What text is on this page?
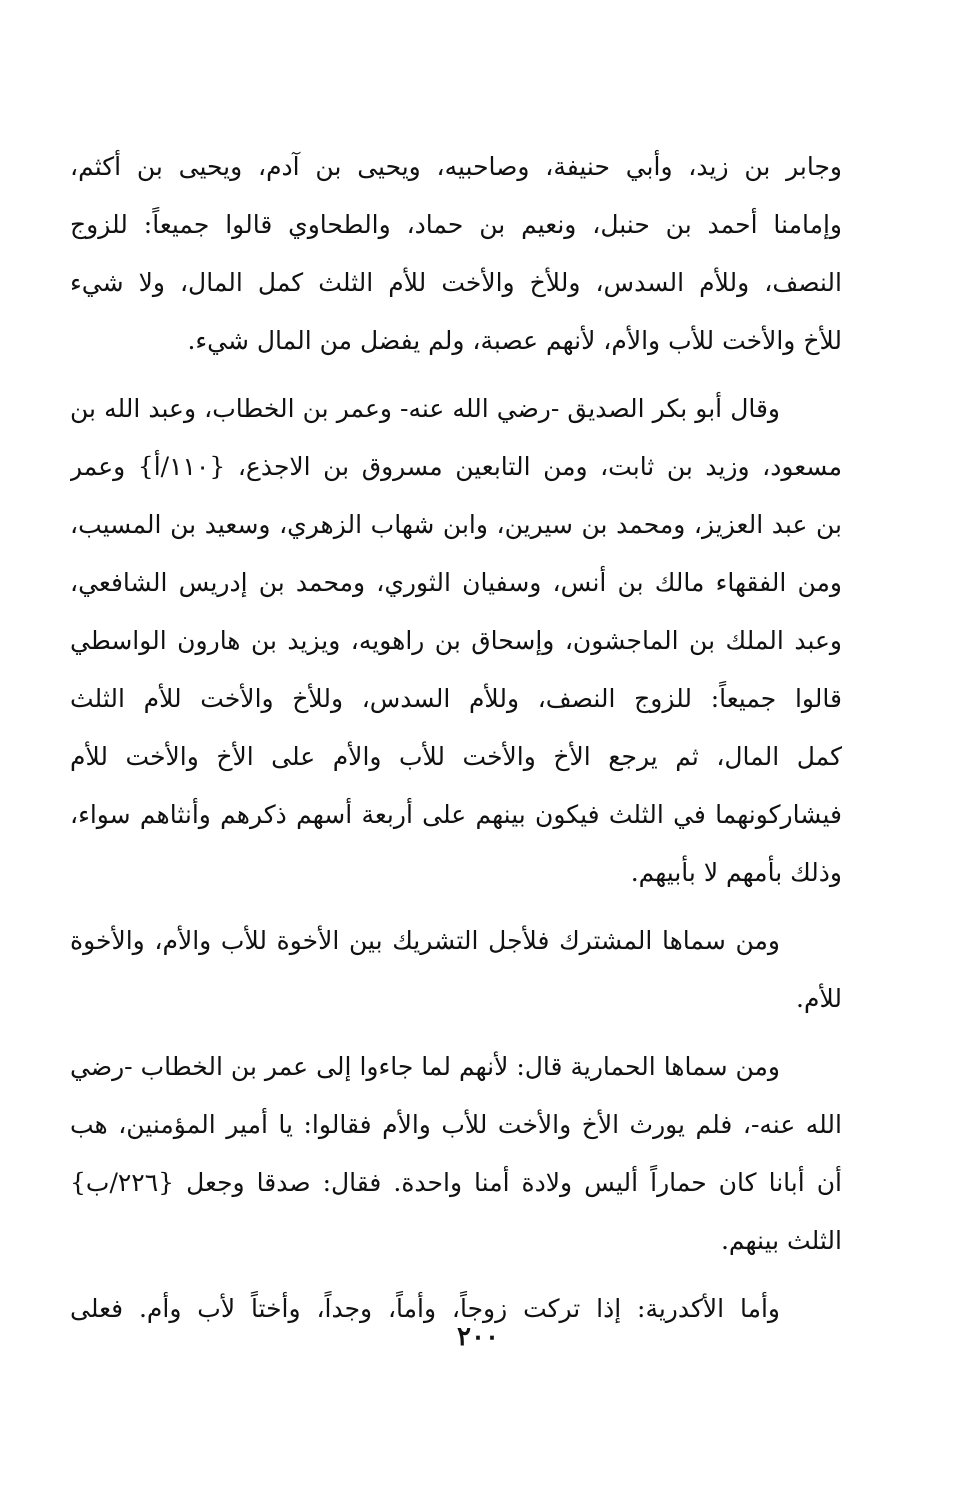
وجابر بن زيد، وأبي حنيفة، وصاحبيه، ويحيى بن آدم، ويحيى بن أكثم،
وإمامنا أحمد بن حنبل، ونعيم بن حماد، والطحاوي قالوا جميعاً: للزوج
النصف، وللأم السدس، وللأخ والأخت للأم الثلث كمل المال، ولا شيء
للأخ والأخت للأب والأم، لأنهم عصبة، ولم يفضل من المال شيء.
وقال أبو بكر الصديق -رضي الله عنه- وعمر بن الخطاب، وعبد الله بن
مسعود، وزيد بن ثابت، ومن التابعين مسروق بن الاجذع، {١١٠/أ} وعمر
بن عبد العزيز، ومحمد بن سيرين، وابن شهاب الزهري، وسعيد بن المسيب،
ومن الفقهاء مالك بن أنس، وسفيان الثوري، ومحمد بن إدريس الشافعي،
وعبد الملك بن الماجشون، وإسحاق بن راهويه، ويزيد بن هارون الواسطي
قالوا جميعاً: للزوج النصف، وللأم السدس، وللأخ والأخت للأم الثلث
كمل المال، ثم يرجع الأخ والأخت للأب والأم على الأخ والأخت للأم
فيشاركونهما في الثلث فيكون بينهم على أربعة أسهم ذكرهم وأنثاهم سواء،
وذلك بأمهم لا بأبيهم.
ومن سماها المشترك فلأجل التشريك بين الأخوة للأب والأم، والأخوة
للأم.
ومن سماها الحمارية قال: لأنهم لما جاءوا إلى عمر بن الخطاب -رضي
الله عنه-، فلم يورث الأخ والأخت للأب والأم فقالوا: يا أمير المؤمنين، هب
أن أبانا كان حماراً أليس ولادة أمنا واحدة. فقال: صدقا وجعل {٢٢٦/ب}
الثلث بينهم.
وأما الأكدرية: إذا تركت زوجاً، وأماً، وجداً، وأختاً لأب وأم. فعلى
٢٠٠
